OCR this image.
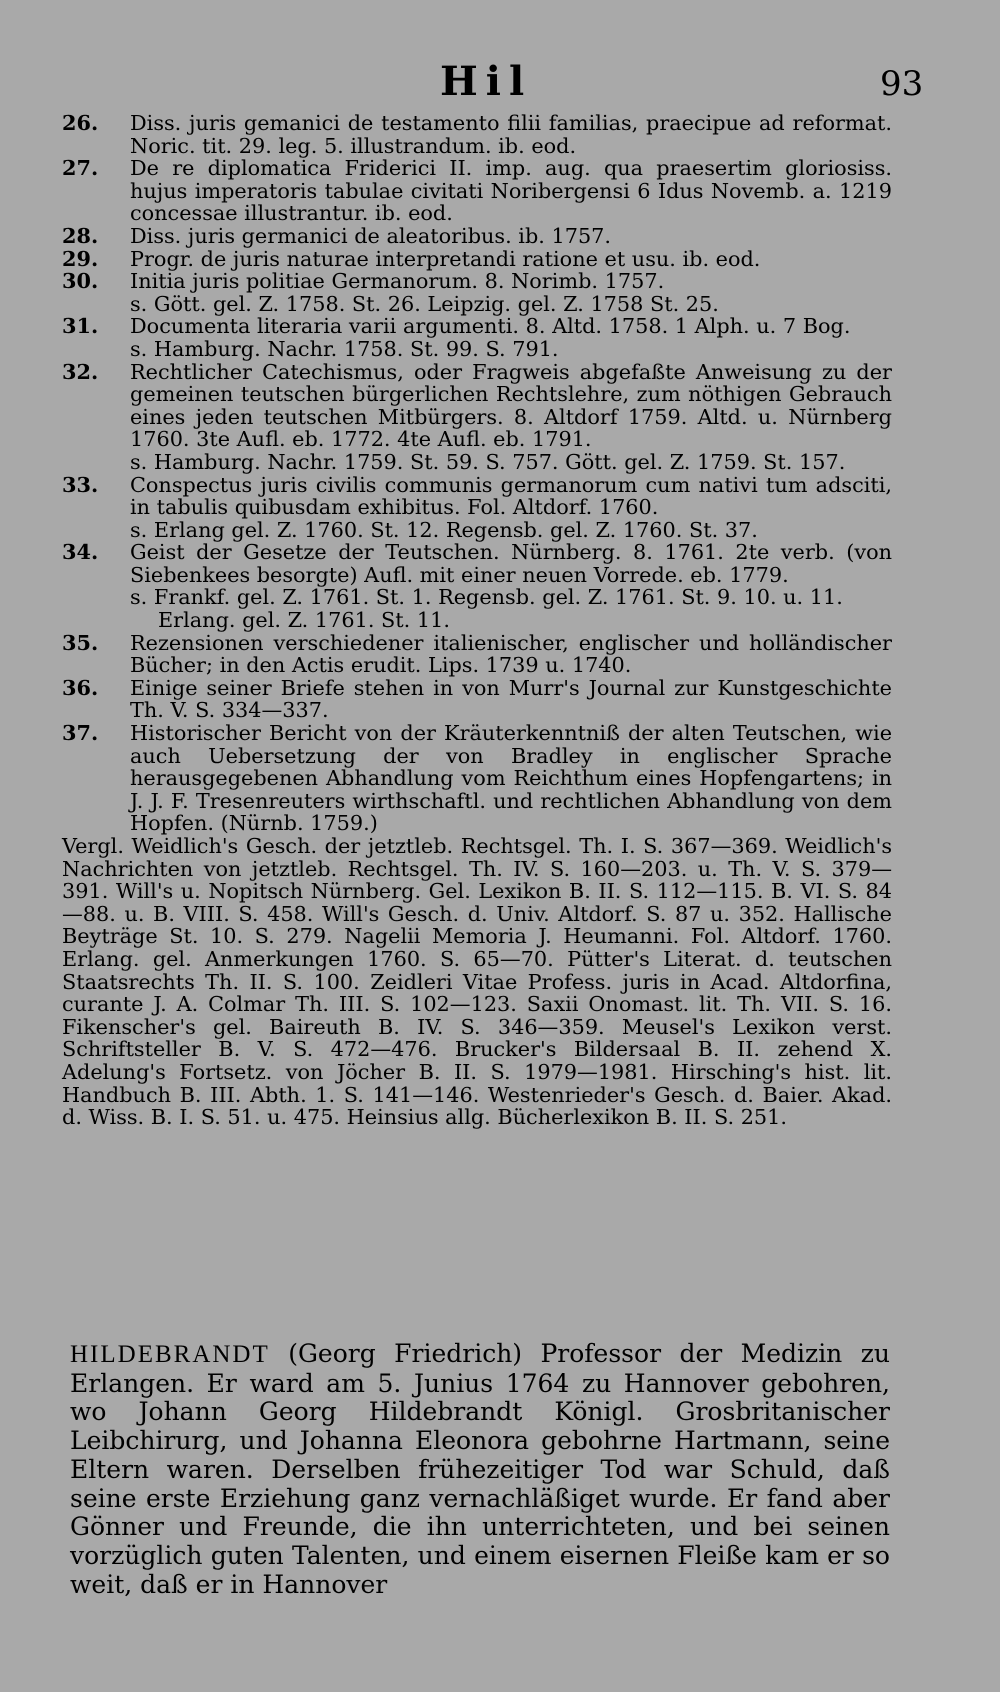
Hil	93
26. Diss. juris gemanici de testamento filii familias, praecipue ad reformat. Noric. tit. 29. leg. 5. illustrandum. ib. eod.
27. De re diplomatica Friderici II. imp. aug. qua praesertim gloriosiss. hujus imperatoris tabulae civitati Noribergensi 6 Idus Novemb. a. 1219 concessae illustrantur. ib. eod.
28. Diss. juris germanici de aleatoribus. ib. 1757.
29. Progr. de juris naturae interpretandi ratione et usu. ib. eod.
30. Initia juris politiae Germanorum. 8. Norimb. 1757.
s. Gött. gel. Z. 1758. St. 26. Leipzig. gel. Z. 1758 St. 25.
31. Documenta literaria varii argumenti. 8. Altd. 1758. 1 Alph. u. 7 Bog.
s. Hamburg. Nachr. 1758. St. 99. S. 791.
32. Rechtlicher Catechismus, oder Fragweis abgefaßte Anweisung zu der gemeinen teutschen bürgerlichen Rechtslehre, zum nöthigen Gebrauch eines jeden teutschen Mitbürgers. 8. Altdorf 1759. Altd. u. Nürnberg 1760. 3te Aufl. eb. 1772. 4te Aufl. eb. 1791.
s. Hamburg. Nachr. 1759. St. 59. S. 757. Gött. gel. Z. 1759. St. 157.
33. Conspectus juris civilis communis germanorum cum nativi tum adsciti, in tabulis quibusdam exhibitus. Fol. Altdorf. 1760.
s. Erlang gel. Z. 1760. St. 12. Regensb. gel. Z. 1760. St. 37.
34. Geist der Gesetze der Teutschen. Nürnberg. 8. 1761. 2te verb. (von Siebenkees besorgte) Aufl. mit einer neuen Vorrede. eb. 1779.
s. Frankf. gel. Z. 1761. St. 1. Regensb. gel. Z. 1761. St. 9. 10. u. 11. Erlang. gel. Z. 1761. St. 11.
35. Rezensionen verschiedener italienischer, englischer und holländischer Bücher; in den Actis erudit. Lips. 1739 u. 1740.
36. Einige seiner Briefe stehen in von Murr's Journal zur Kunstgeschichte Th. V. S. 334—337.
37. Historischer Bericht von der Kräuterkenntniß der alten Teutschen, wie auch Uebersetzung der von Bradley in englischer Sprache herausgegebenen Abhandlung vom Reichthum eines Hopfengartens; in J. J. F. Tresenreuters wirthschaftl. und rechtlichen Abhandlung von dem Hopfen. (Nürnb. 1759.)
Vergl. Weidlich's Gesch. der jetztleb. Rechtsgel. Th. I. S. 367—369. Weidlich's Nachrichten von jetztleb. Rechtsgel. Th. IV. S. 160—203. u. Th. V. S. 379—391. Will's u. Nopitsch Nürnberg. Gel. Lexikon B. II. S. 112—115. B. VI. S. 84—88. u. B. VIII. S. 458. Will's Gesch. d. Univ. Altdorf. S. 87 u. 352. Hallische Beyträge St. 10. S. 279. Nagelii Memoria J. Heumanni. Fol. Altdorf. 1760. Erlang. gel. Anmerkungen 1760. S. 65—70. Pütter's Literat. d. teutschen Staatsrechts Th. II. S. 100. Zeidleri Vitae Profess. juris in Acad. Altdorfina, curante J. A. Colmar Th. III. S. 102—123. Saxii Onomast. lit. Th. VII. S. 16. Fikenscher's gel. Baireuth B. IV. S. 346—359. Meusel's Lexikon verst. Schriftsteller B. V. S. 472—476. Brucker's Bildersaal B. II. zehend X. Adelung's Fortsetz. von Jöcher B. II. S. 1979—1981. Hirsching's hist. lit. Handbuch B. III. Abth. 1. S. 141—146. Westenrieder's Gesch. d. Baier. Akad. d. Wiss. B. I. S. 51. u. 475. Heinsius allg. Bücherlexikon B. II. S. 251.
HILDEBRANDT (Georg Friedrich) Professor der Medizin zu Erlangen. Er ward am 5. Junius 1764 zu Hannover gebohren, wo Johann Georg Hildebrandt Königl. Grosbritanischer Leibchirurg, und Johanna Eleonora gebohrne Hartmann, seine Eltern waren. Derselben frühezeitiger Tod war Schuld, daß seine erste Erziehung ganz vernachläßiget wurde. Er fand aber Gönner und Freunde, die ihn unterrichteten, und bei seinen vorzüglich guten Talenten, und einem eisernen Fleiße kam er so weit, daß er in Hannover
